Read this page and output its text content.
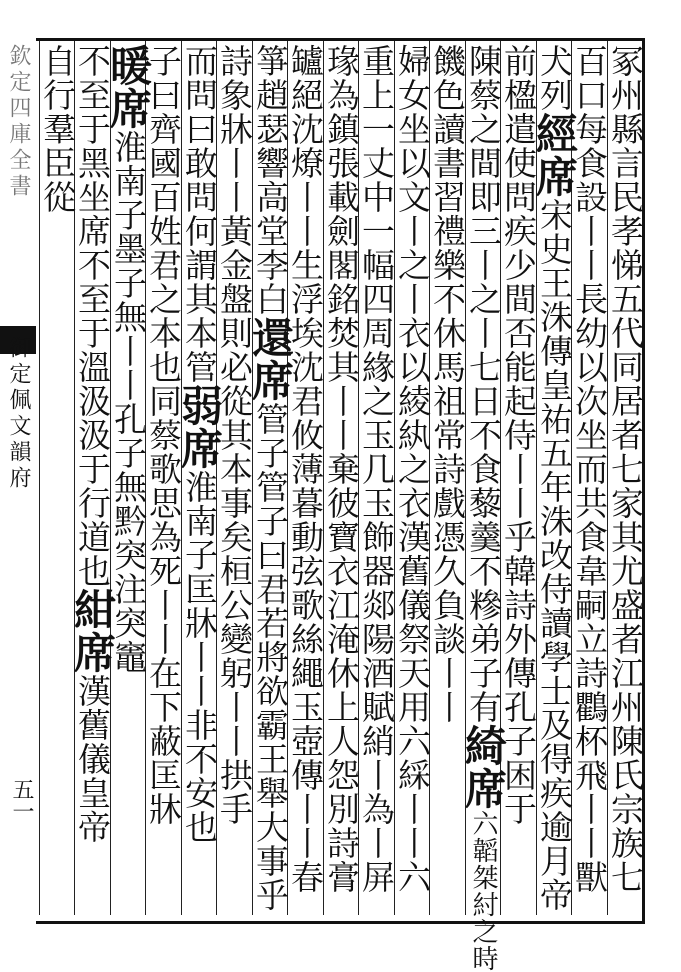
欽定四庫全書
御定佩文韻府
五一	冢州縣言民孝悌五代同居者七家其尤盛者江州陳氏宗族七
百口每食設丨丨長幼以次坐而共食韋嗣立詩鸜杯飛丨丨獸
犬列經席宋史王洙傳皇祐五年洙改侍讀學士及得疾逾月帝
前楹遣使問疾少間否能起侍丨丨乎韓詩外傳孔子困于
陳蔡之間即三丨之丨七日不食藜羹不糝弟子有綺席六韜桀紂之時
饑色讀書習禮樂不休馬祖常詩戲憑久負談丨丨
婦女坐以文丨之丨衣以綾紈之衣漢舊儀祭天用六綵丨丨六
重上一丈中一幅四周緣之玉几玉飾器郯陽酒賦綃丨為丨屏
瑑為鎮張載劍閣銘焚其丨丨棄彼寶衣江淹休上人怨別詩膏
罏絕沈燎丨丨生浮埃沈君攸薄暮動弦歌絲繩玉壺傳丨丨春
箏趙瑟響高堂李白還席管子管子曰君若將欲霸王舉大事乎
詩象牀丨丨黃金盤則必從其本事矣桓公變躬丨丨拱手
而問曰敢問何謂其本管弱席淮南子匡牀丨丨非不安也
子曰齊國百姓君之本也同蔡歌思為死丨丨在下蔽匡牀
暖席淮南子墨子無丨丨孔子無黔突注突竈
不至于黑坐席不至于溫汲汲于行道也紺席漢舊儀皇帝
自行羣臣從
